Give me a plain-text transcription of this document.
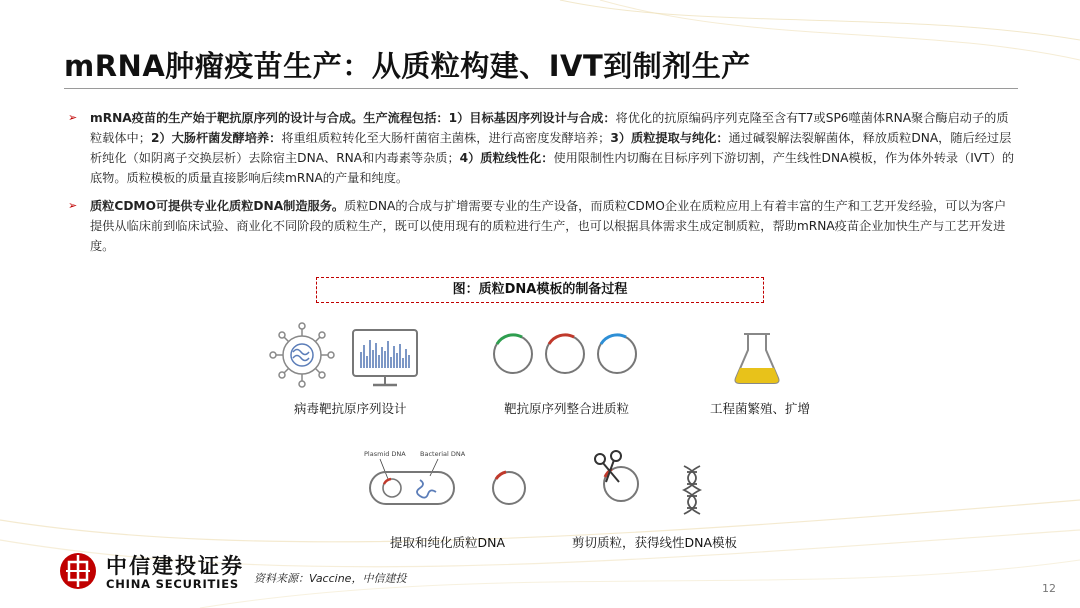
mRNA肿瘤疫苗生产：从质粒构建、IVT到制剂生产
➢ mRNA疫苗的生产始于靶抗原序列的设计与合成。生产流程包括：1）目标基因序列设计与合成：将优化的抗原编码序列克隆至含有T7或SP6噬菌体RNA聚合酶启动子的质粒载体中；2）大肠杆菌发酵培养：将重组质粒转化至大肠杆菌宿主菌株，进行高密度发酵培养；3）质粒提取与纯化：通过碱裂解法裂解菌体，释放质粒DNA，随后经过层析纯化（如阴离子交换层析）去除宿主DNA、RNA和内毒素等杂质；4）质粒线性化：使用限制性内切酶在目标序列下游切割，产生线性DNA模板，作为体外转录（IVT）的底物。质粒模板的质量直接影响后续mRNA的产量和纯度。
➢ 质粒CDMO可提供专业化质粒DNA制造服务。质粒DNA的合成与扩增需要专业的生产设备，而质粒CDMO企业在质粒应用上有着丰富的生产和工艺开发经验，可以为客户提供从临床前到临床试验、商业化不同阶段的质粒生产，既可以使用现有的质粒进行生产，也可以根据具体需求生成定制质粒，帮助mRNA疫苗企业加快生产与工艺开发进度。
图：质粒DNA模板的制备过程
Plasmid DNA Bacterial DNA
病毒靶抗原序列设计	靶抗原序列整合进质粒	工程菌繁殖、扩增
提取和纯化质粒DNA	剪切质粒，获得线性DNA模板
中信建投证券
CHINA SECURITIES 资料来源：Vaccine，中信建投
12
